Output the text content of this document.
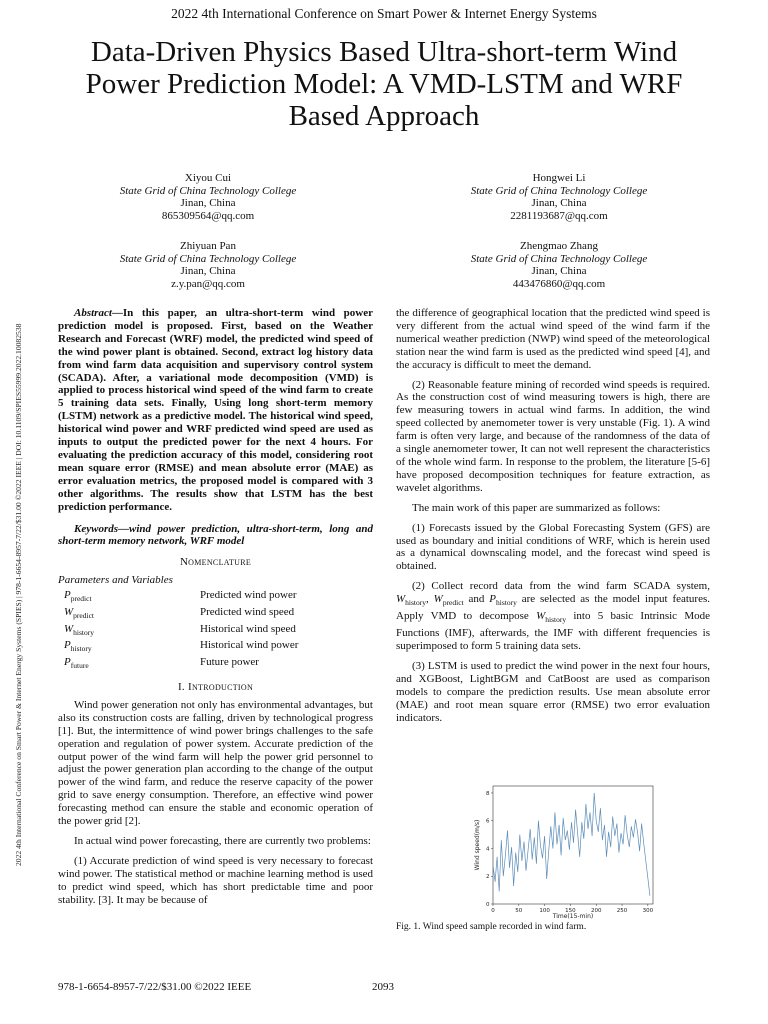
2022 4th International Conference on Smart Power & Internet Energy Systems
Data-Driven Physics Based Ultra-short-term Wind
Power Prediction Model: A VMD-LSTM and WRF
Based Approach
2022 4th International Conference on Smart Power & Internet Energy Systems (SPIES) | 978-1-6654-8957-7/22/$31.00 ©2022 IEEE | DOI: 10.1109/SPIES55999.2022.10082538
Xiyou Cui
State Grid of China Technology College
Jinan, China
865309564@qq.com
Hongwei Li
State Grid of China Technology College
Jinan, China
2281193687@qq.com
Zhiyuan Pan
State Grid of China Technology College
Jinan, China
z.y.pan@qq.com
Zhengmao Zhang
State Grid of China Technology College
Jinan, China
443476860@qq.com

Abstract—In this paper, an ultra-short-term wind power prediction model is proposed. First, based on the Weather Research and Forecast (WRF) model, the predicted wind speed of the wind power plant is obtained. Second, extract log history data from wind farm data acquisition and supervisory control system (SCADA). After, a variational mode decomposition (VMD) is applied to process historical wind speed of the wind farm to create 5 training data sets. Finally, Using long short-term memory (LSTM) network as a predictive model. The historical wind speed, historical wind power and WRF predicted wind speed are used as inputs to output the predicted power for the next 4 hours. For evaluating the prediction accuracy of this model, considering root mean square error (RMSE) and mean absolute error (MAE) as error evaluation metrics, the proposed model is compared with 3 other algorithms. The results show that LSTM has the best prediction performance.

Keywords—wind power prediction, ultra-short-term, long and short-term memory network, WRF model

Nomenclature
Parameters and Variables
$P_{predict}$	Predicted wind power
$W_{predict}$	Predicted wind speed
$W_{history}$	Historical wind speed
$P_{history}$	Historical wind power
$P_{future}$	Future power
I. Introduction

Wind power generation not only has environmental advantages, but also its construction costs are falling, driven by technological progress [1]. But, the intermittence of wind power brings challenges to the safe operation and regulation of power system. Accurate prediction of the output power of the wind farm will help the power grid personnel to adjust the power generation plan according to the change of the output power of the wind farm, and reduce the reserve capacity of the power grid to save energy consumption. Therefore, an effective wind power forecasting method can ensure the stable and economic operation of the power grid [2].

In actual wind power forecasting, there are currently two problems:

(1) Accurate prediction of wind speed is very necessary to forecast wind power. The statistical method or machine learning method is used to predict wind speed, which has short predictable time and poor stability. [3]. It may be because of

the difference of geographical location that the predicted wind speed is very different from the actual wind speed of the wind farm if the numerical weather prediction (NWP) wind speed of the meteorological station near the wind farm is used as the predicted wind speed [4], and the accuracy is difficult to meet the demand.

(2) Reasonable feature mining of recorded wind speeds is required. As the construction cost of wind measuring towers is high, there are few measuring towers in actual wind farms. In addition, the wind speed collected by anemometer tower is very unstable (Fig. 1). A wind farm is often very large, and because of the randomness of the data of a single anemometer tower, It can not well represent the characteristics of the whole wind farm. In response to the problem, the literature [5-6] have proposed decomposition techniques for feature extraction, as wavelet algorithms.

The main work of this paper are summarized as follows:

(1) Forecasts issued by the Global Forecasting System (GFS) are used as boundary and initial conditions of WRF, which is herein used as a dynamical downscaling model, and the forecast wind speed is obtained.

(2) Collect record data from the wind farm SCADA system, $W_{history}$, $W_{predict}$ and $P_{history}$ are selected as the model input features. Apply VMD to decompose $W_{history}$ into 5 basic Intrinsic Mode Functions (IMF), afterwards, the IMF with different frequencies is superimposed to form 5 training data sets.

(3) LSTM is used to predict the wind power in the next four hours, and XGBoost, LightBGM and CatBoost are used as comparison models to compare the prediction results. Use mean absolute error (MAE) and root mean square error (RMSE) two error evaluation indicators.

0	50	100	150	200	250	300
0
2
4
6
8
Time(15-min)
Wind speed(m/s)
Fig. 1. Wind speed sample recorded in wind farm.
978-1-6654-8957-7/22/$31.00 ©2022 IEEE	2093
